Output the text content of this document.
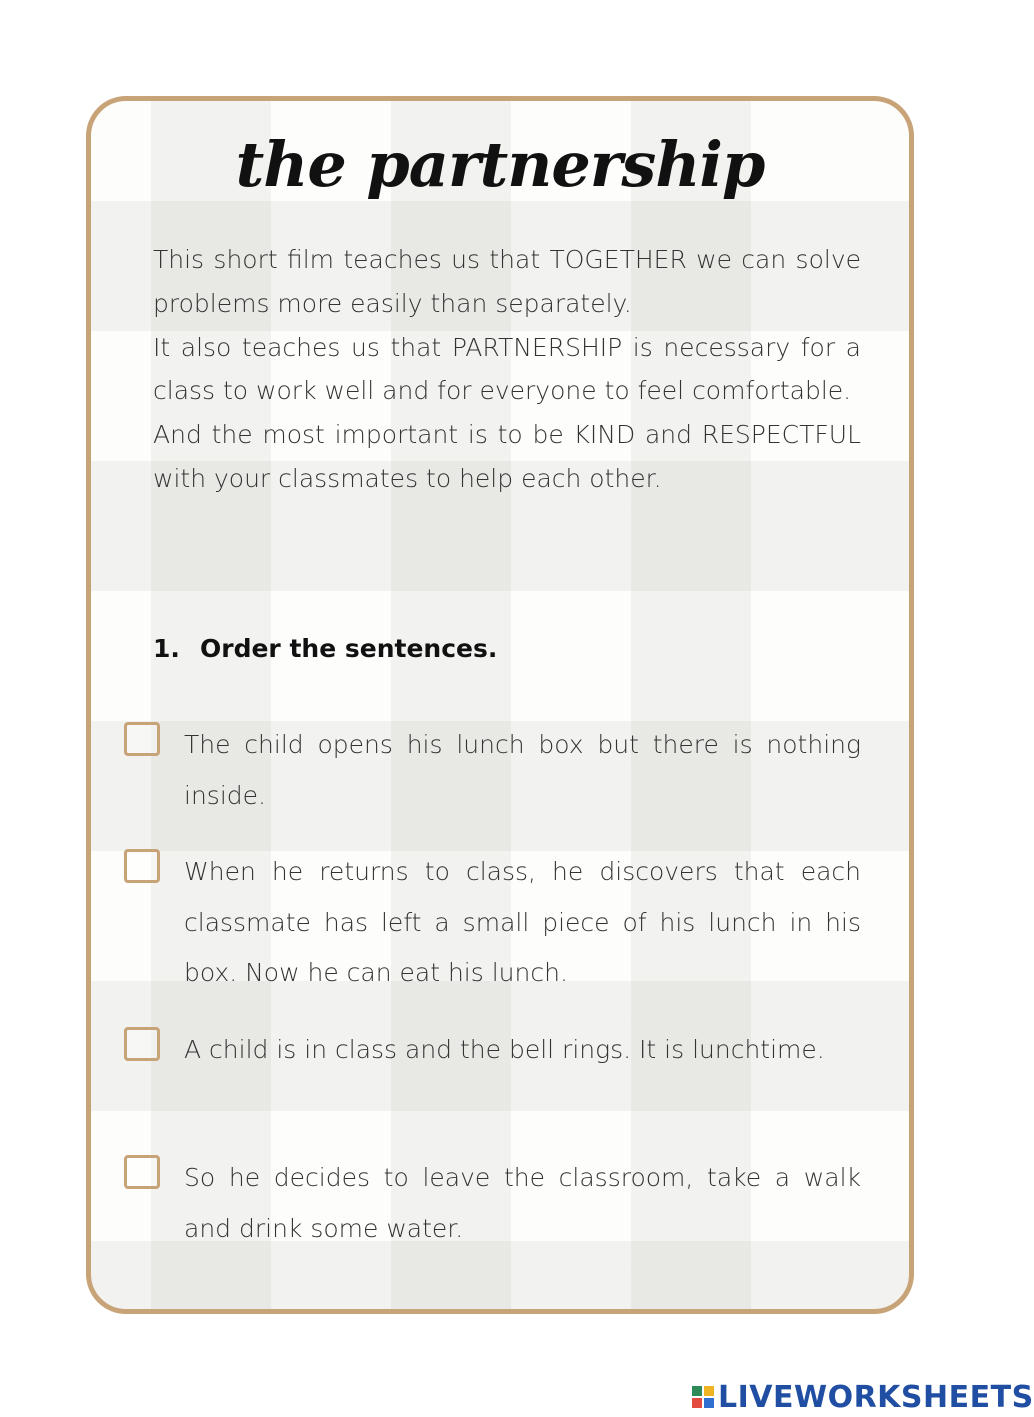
the partnership

This short film teaches us that TOGETHER we can solve problems more easily than separately.

It also teaches us that PARTNERSHIP is necessary for a class to work well and for everyone to feel comfortable.

And the most important is to be KIND and RESPECTFUL with your classmates to help each other.

1. Order the sentences.
The child opens his lunch box but there is nothing inside.
When he returns to class, he discovers that each classmate has left a small piece of his lunch in his box. Now he can eat his lunch.
A child is in class and the bell rings. It is lunchtime.
So he decides to leave the classroom, take a walk and drink some water.
LIVEWORKSHEETS
